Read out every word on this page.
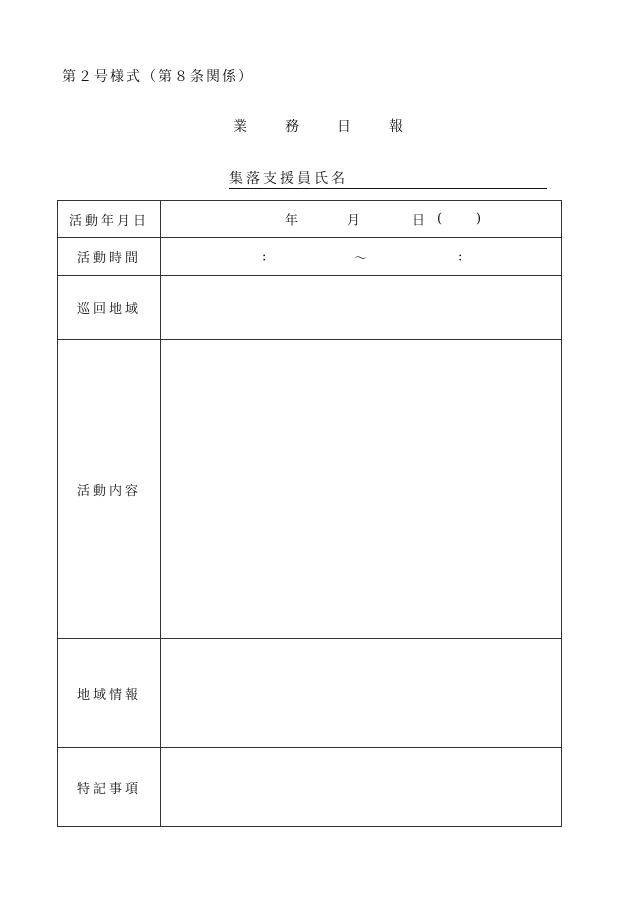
第２号様式（第８条関係）
業	務	日	報
集落支援員氏名
活動年月日	年 月 日 ( )

活動時間	: 〜 :

巡回地域	
活動内容	
地域情報	
特記事項	
